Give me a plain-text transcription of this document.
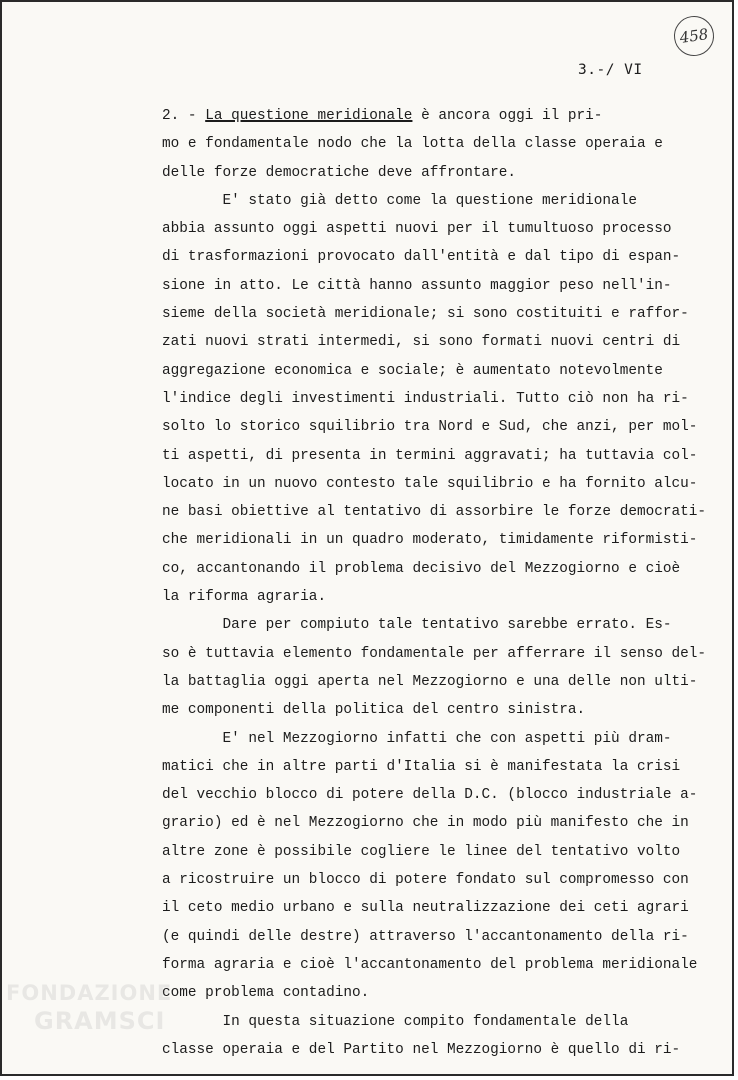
458
3.-/ VI
2. - La questione meridionale è ancora oggi il pri-
mo e fondamentale nodo che la lotta della classe operaia e
delle forze democratiche deve affrontare.
E' stato già detto come la questione meridionale
abbia assunto oggi aspetti nuovi per il tumultuoso processo
di trasformazioni provocato dall'entità e dal tipo di espan-
sione in atto. Le città hanno assunto maggior peso nell'in-
sieme della società meridionale; si sono costituiti e raffor-
zati nuovi strati intermedi, si sono formati nuovi centri di
aggregazione economica e sociale; è aumentato notevolmente
l'indice degli investimenti industriali. Tutto ciò non ha ri-
solto lo storico squilibrio tra Nord e Sud, che anzi, per mol-
ti aspetti, di presenta in termini aggravati; ha tuttavia col-
locato in un nuovo contesto tale squilibrio e ha fornito alcu-
ne basi obiettive al tentativo di assorbire le forze democrati-
che meridionali in un quadro moderato, timidamente riformisti-
co, accantonando il problema decisivo del Mezzogiorno e cioè
la riforma agraria.
Dare per compiuto tale tentativo sarebbe errato. Es-
so è tuttavia elemento fondamentale per afferrare il senso del-
la battaglia oggi aperta nel Mezzogiorno e una delle non ulti-
me componenti della politica del centro sinistra.
E' nel Mezzogiorno infatti che con aspetti più dram-
matici che in altre parti d'Italia si è manifestata la crisi
del vecchio blocco di potere della D.C. (blocco industriale a-
grario) ed è nel Mezzogiorno che in modo più manifesto che in
altre zone è possibile cogliere le linee del tentativo volto
a ricostruire un blocco di potere fondato sul compromesso con
il ceto medio urbano e sulla neutralizzazione dei ceti agrari
(e quindi delle destre) attraverso l'accantonamento della ri-
forma agraria e cioè l'accantonamento del problema meridionale
come problema contadino.
In questa situazione compito fondamentale della
classe operaia e del Partito nel Mezzogiorno è quello di ri-
FONDAZIONE
GRAMSCI
